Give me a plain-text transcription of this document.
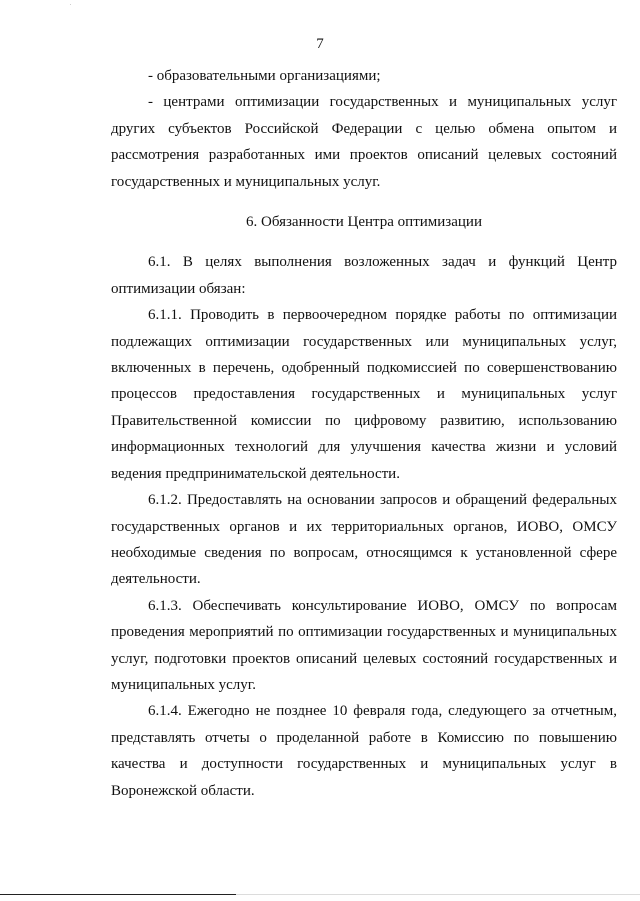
7

- образовательными организациями;

- центрами оптимизации государственных и муниципальных услуг других субъектов Российской Федерации с целью обмена опытом и рассмотрения разработанных ими проектов описаний целевых состояний государственных и муниципальных услуг.

6. Обязанности Центра оптимизации

6.1. В целях выполнения возложенных задач и функций Центр оптимизации обязан:

6.1.1. Проводить в первоочередном порядке работы по оптимизации подлежащих оптимизации государственных или муниципальных услуг, включенных в перечень, одобренный подкомиссией по совершенствованию процессов предоставления государственных и муниципальных услуг Правительственной комиссии по цифровому развитию, использованию информационных технологий для улучшения качества жизни и условий ведения предпринимательской деятельности.

6.1.2. Предоставлять на основании запросов и обращений федеральных государственных органов и их территориальных органов, ИОВО, ОМСУ необходимые сведения по вопросам, относящимся к установленной сфере деятельности.

6.1.3. Обеспечивать консультирование ИОВО, ОМСУ по вопросам проведения мероприятий по оптимизации государственных и муниципальных услуг, подготовки проектов описаний целевых состояний государственных и муниципальных услуг.

6.1.4. Ежегодно не позднее 10 февраля года, следующего за отчетным, представлять отчеты о проделанной работе в Комиссию по повышению качества и доступности государственных и муниципальных услуг в Воронежской области.
